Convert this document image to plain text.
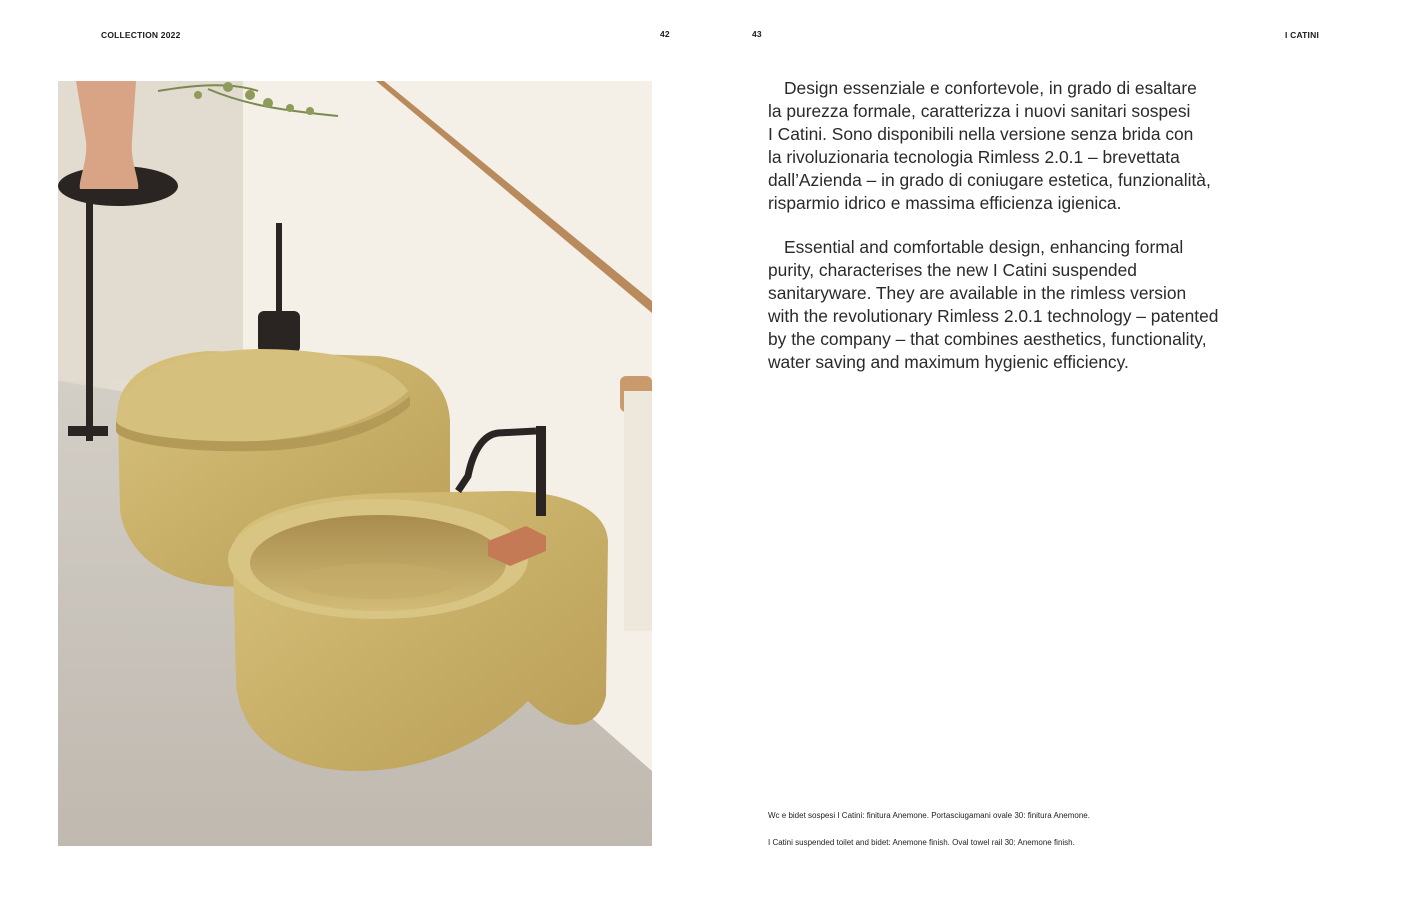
COLLECTION 2022	42	43	I CATINI
Design essenziale e confortevole, in grado di esaltare
la purezza formale, caratterizza i nuovi sanitari sospesi
I Catini. Sono disponibili nella versione senza brida con
la rivoluzionaria tecnologia Rimless 2.0.1 – brevettata
dall’Azienda – in grado di coniugare estetica, funzionalità,
risparmio idrico e massima efficienza igienica.
Essential and comfortable design, enhancing formal
purity, characterises the new I Catini suspended
sanitaryware. They are available in the rimless version
with the revolutionary Rimless 2.0.1 technology – patented
by the company – that combines aesthetics, functionality,
water saving and maximum hygienic efficiency.
Wc e bidet sospesi I Catini: finitura Anemone. Portasciugamani ovale 30: finitura Anemone.
I Catini suspended toilet and bidet: Anemone finish. Oval towel rail 30: Anemone finish.
